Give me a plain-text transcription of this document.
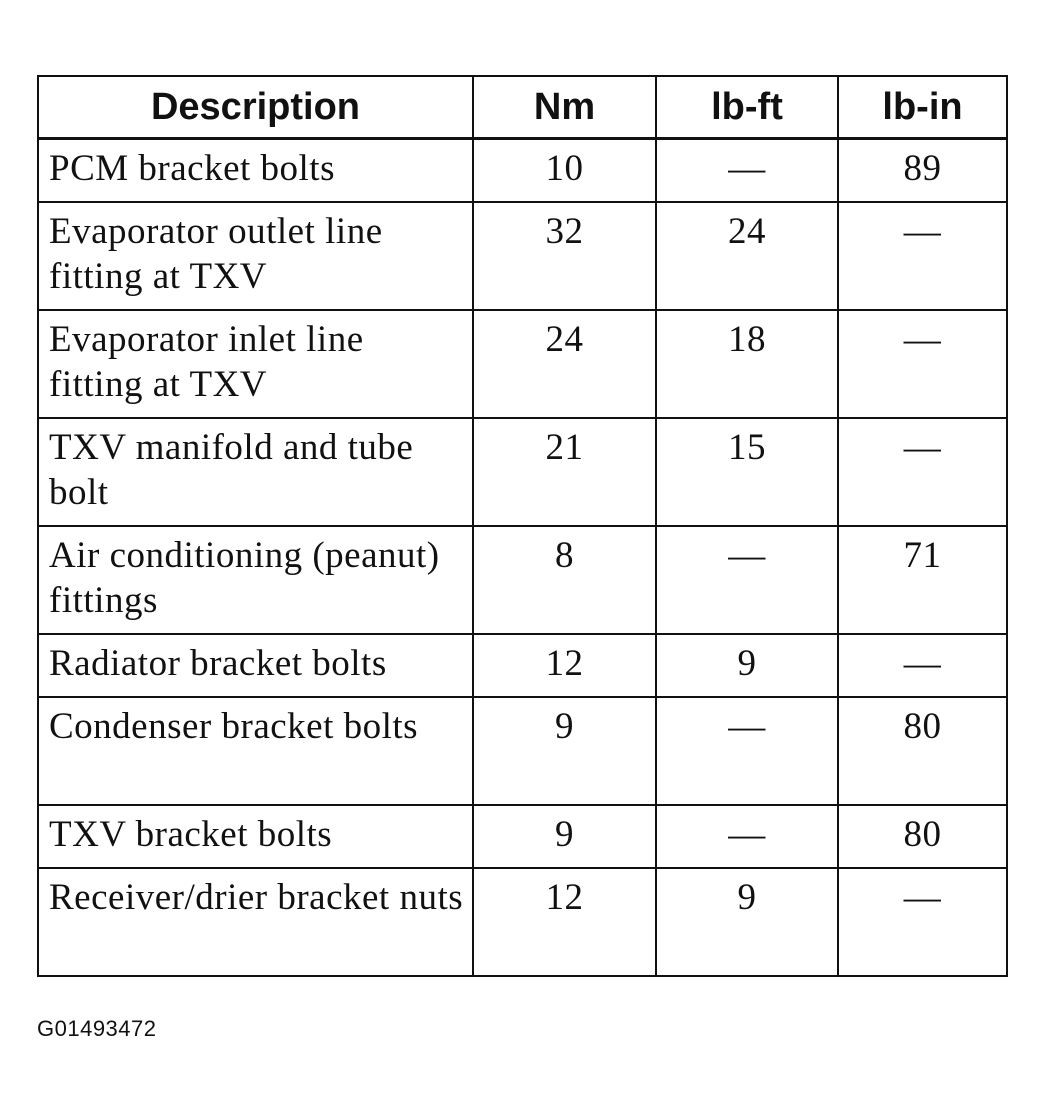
Description	Nm	lb-ft	lb-in
PCM bracket bolts	10	—	89
Evaporator outlet line fitting at TXV	32	24	—
Evaporator inlet line fitting at TXV	24	18	—
TXV manifold and tube bolt	21	15	—
Air conditioning (peanut) fittings	8	—	71
Radiator bracket bolts	12	9	—
Condenser bracket bolts	9	—	80
TXV bracket bolts	9	—	80
Receiver/drier bracket nuts	12	9	—
G01493472
